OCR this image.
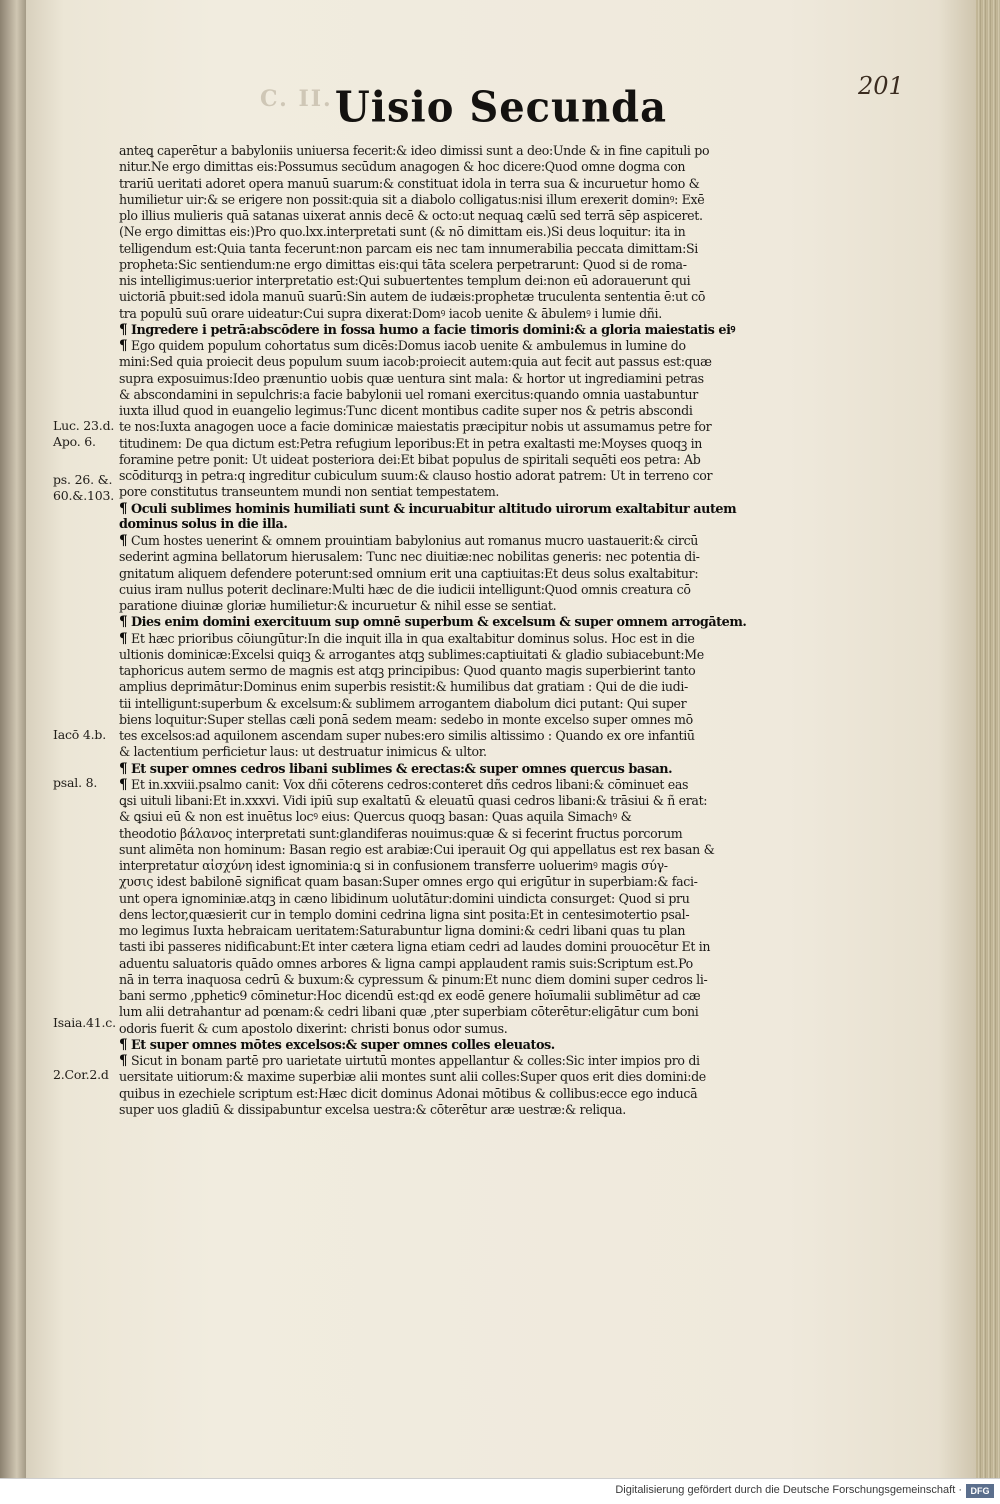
C. II. Uisio Secunda	201
Luc. 23.d.
Apo. 6.
ps. 26. &.
60.&.103.
Iacō 4.b.
psal. 8.
Isaia.41.c.
2.Cor.2.d
anteꝗ caperētur a babyloniis uniuersa fecerit:& ideo dimissi sunt a deo:Unde & in fine capituli po
nitur.Ne ergo dimittas eis:Possumus secūdum anagogen & hoc dicere:Quod omne dogma con
trariū ueritati adoret opera manuū suarum:& constituat idola in terra sua & incuruetur homo &
humilietur uir:& se erigere non possit:quia sit a diabolo colligatus:nisi illum erexerit dominꝰ: Exē
plo illius mulieris quā satanas uixerat annis decē & octo:ut nequaꝗ cælū sed terrā sēp aspiceret.
(Ne ergo dimittas eis:)Pro quo.lxx.interpretati sunt (& nō dimittam eis.)Si deus loquitur: ita in
telligendum est:Quia tanta fecerunt:non parcam eis nec tam innumerabilia peccata dimittam:Si
propheta:Sic sentiendum:ne ergo dimittas eis:qui tāta scelera perpetrarunt: Quod si de roma-
nis intelligimus:uerior interpretatio est:Qui subuertentes templum dei:non eū adorauerunt qui
uictoriā pbuit:sed idola manuū suarū:Sin autem de iudæis:prophetæ truculenta sententia ē:ut cō
tra populū suū orare uideatur:Cui supra dixerat:Domꝰ iacob uenite & ābulemꝰ i lumie dñi.
¶ Ingredere i petrā:abscōdere in fossa humo a facie timoris domini:& a gloria maiestatis eiꝰ
¶ Ego quidem populum cohortatus sum dicēs:Domus iacob uenite & ambulemus in lumine do
mini:Sed quia proiecit deus populum suum iacob:proiecit autem:quia aut fecit aut passus est:quæ
supra exposuimus:Ideo prænuntio uobis quæ uentura sint mala: & hortor ut ingrediamini petras
& abscondamini in sepulchris:a facie babylonii uel romani exercitus:quando omnia uastabuntur
iuxta illud quod in euangelio legimus:Tunc dicent montibus cadite super nos & petris abscondi
te nos:Iuxta anagogen uoce a facie dominicæ maiestatis præcipitur nobis ut assumamus petre for
titudinem: De qua dictum est:Petra refugium leporibus:Et in petra exaltasti me:Moyses quoqꝫ in
foramine petre ponit: Ut uideat posteriora dei:Et bibat populus de spiritali sequēti eos petra: Ab
scōditurqꝫ in petra:q ingreditur cubiculum suum:& clauso hostio adorat patrem: Ut in terreno cor
pore constitutus transeuntem mundi non sentiat tempestatem.
¶ Oculi sublimes hominis humiliati sunt & incuruabitur altitudo uirorum exaltabitur autem
dominus solus in die illa.
¶ Cum hostes uenerint & omnem prouintiam babylonius aut romanus mucro uastauerit:& circū
sederint agmina bellatorum hierusalem: Tunc nec diuitiæ:nec nobilitas generis: nec potentia di-
gnitatum aliquem defendere poterunt:sed omnium erit una captiuitas:Et deus solus exaltabitur:
cuius iram nullus poterit declinare:Multi hæc de die iudicii intelligunt:Quod omnis creatura cō
paratione diuinæ gloriæ humilietur:& incuruetur & nihil esse se sentiat.
¶ Dies enim domini exercituum sup omnē superbum & excelsum & super omnem arrogātem.
¶ Et hæc prioribus cōiungūtur:In die inquit illa in qua exaltabitur dominus solus. Hoc est in die
ultionis dominicæ:Excelsi quiqꝫ & arrogantes atqꝫ sublimes:captiuitati & gladio subiacebunt:Me
taphoricus autem sermo de magnis est atqꝫ principibus: Quod quanto magis superbierint tanto
amplius deprimātur:Dominus enim superbis resistit:& humilibus dat gratiam : Qui de die iudi-
tii intelligunt:superbum & excelsum:& sublimem arrogantem diabolum dici putant: Qui super
biens loquitur:Super stellas cæli ponā sedem meam: sedebo in monte excelso super omnes mō
tes excelsos:ad aquilonem ascendam super nubes:ero similis altissimo : Quando ex ore infantiū
& lactentium perficietur laus: ut destruatur inimicus & ultor.
¶ Et super omnes cedros libani sublimes & erectas:& super omnes quercus basan.
¶ Et in.xxviii.psalmo canit: Vox dñi cōterens cedros:conteret dñs cedros libani:& cōminuet eas
ꝗsi uituli libani:Et in.xxxvi. Vidi ipiū sup exaltatū & eleuatū quasi cedros libani:& trāsiui & ñ erat:
& ꝗsiui eū & non est inuētus locꝰ eius: Quercus quoqꝫ basan: Quas aquila Simachꝰ &
theodotio βάλανος interpretati sunt:glandiferas nouimus:quæ & si fecerint fructus porcorum
sunt alimēta non hominum: Basan regio est arabiæ:Cui iperauit Og qui appellatus est rex basan &
interpretatur αἰσχύνη idest ignominia:ꝗ si in confusionem transferre uoluerimꝰ magis σύγ-
χυσις idest babilonē significat quam basan:Super omnes ergo qui erigūtur in superbiam:& faci-
unt opera ignominiæ.atqꝫ in cæno libidinum uolutātur:domini uindicta consurget: Quod si pru
dens lector,quæsierit cur in templo domini cedrina ligna sint posita:Et in centesimotertio psal-
mo legimus Iuxta hebraicam ueritatem:Saturabuntur ligna domini:& cedri libani quas tu plan
tasti ibi passeres nidificabunt:Et inter cætera ligna etiam cedri ad laudes domini prouocētur Et in
aduentu saluatoris quādo omnes arbores & ligna campi applaudent ramis suis:Scriptum est.Po
nā in terra inaquosa cedrū & buxum:& cypressum & pinum:Et nunc diem domini super cedros li-
bani sermo ,pphetic9 cōminetur:Hoc dicendū est:qd ex eodē genere hoīumalii sublimētur ad cæ
lum alii detrahantur ad pœnam:& cedri libani quæ ,pter superbiam cōterētur:eligātur cum boni
odoris fuerit & cum apostolo dixerint: christi bonus odor sumus.
¶ Et super omnes mōtes excelsos:& super omnes colles eleuatos.
¶ Sicut in bonam partē pro uarietate uirtutū montes appellantur & colles:Sic inter impios pro di
uersitate uitiorum:& maxime superbiæ alii montes sunt alii colles:Super quos erit dies domini:de
quibus in ezechiele scriptum est:Hæc dicit dominus Adonai mōtibus & collibus:ecce ego inducā
super uos gladiū & dissipabuntur excelsa uestra:& cōterētur aræ uestræ:& reliqua.
Digitalisierung gefördert durch die Deutsche Forschungsgemeinschaft · DFG
